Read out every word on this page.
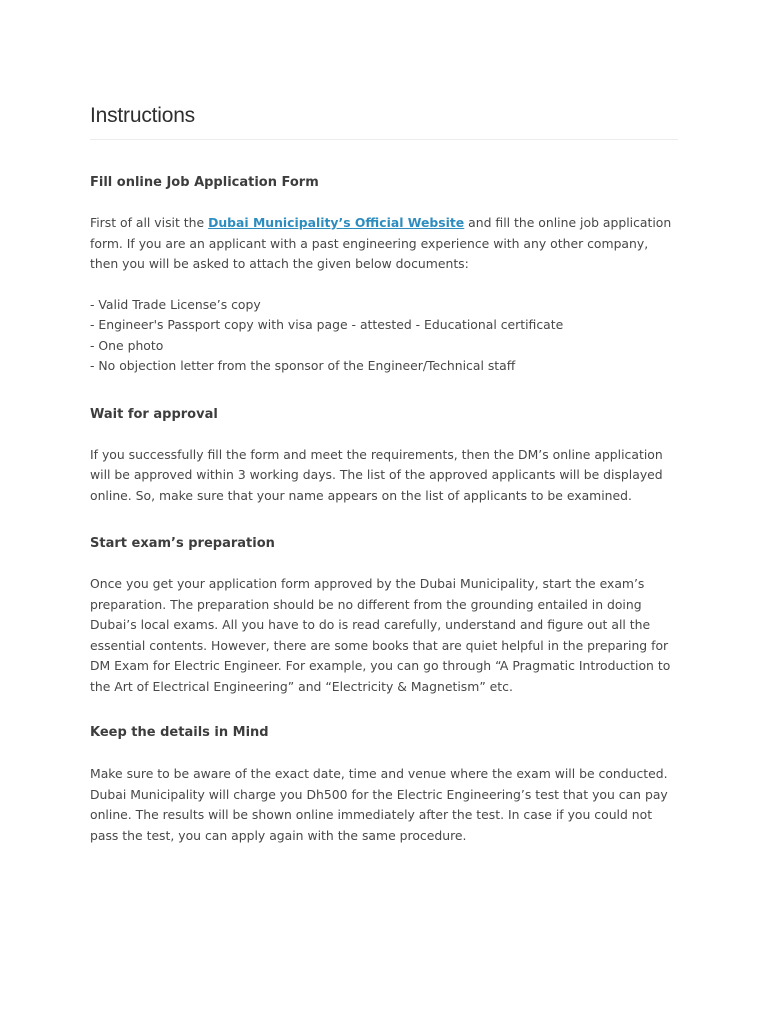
Instructions
Fill online Job Application Form

First of all visit the Dubai Municipality’s Official Website and fill the online job application form. If you are an applicant with a past engineering experience with any other company, then you will be asked to attach the given below documents:

- Valid Trade License’s copy
- Engineer's Passport copy with visa page - attested - Educational certificate
- One photo
- No objection letter from the sponsor of the Engineer/Technical staff
Wait for approval

If you successfully fill the form and meet the requirements, then the DM’s online application will be approved within 3 working days. The list of the approved applicants will be displayed online. So, make sure that your name appears on the list of applicants to be examined.

Start exam’s preparation

Once you get your application form approved by the Dubai Municipality, start the exam’s preparation. The preparation should be no different from the grounding entailed in doing Dubai’s local exams. All you have to do is read carefully, understand and figure out all the essential contents. However, there are some books that are quiet helpful in the preparing for DM Exam for Electric Engineer. For example, you can go through “A Pragmatic Introduction to the Art of Electrical Engineering” and “Electricity & Magnetism” etc.

Keep the details in Mind

Make sure to be aware of the exact date, time and venue where the exam will be conducted. Dubai Municipality will charge you Dh500 for the Electric Engineering’s test that you can pay online. The results will be shown online immediately after the test. In case if you could not pass the test, you can apply again with the same procedure.
